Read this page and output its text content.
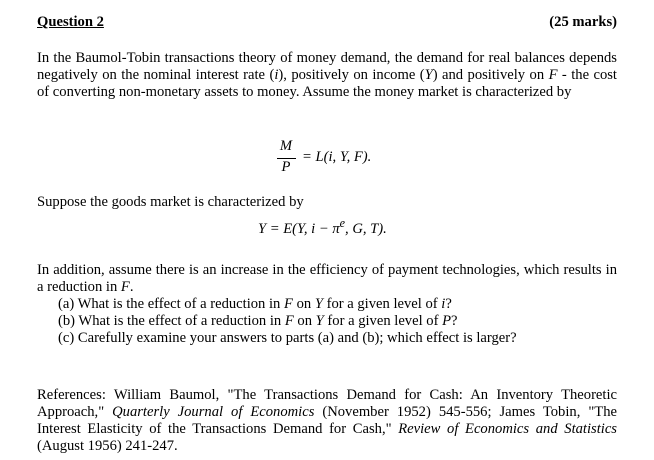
Question 2	(25 marks)

In the Baumol-Tobin transactions theory of money demand, the demand for real balances depends negatively on the nominal interest rate (i), positively on income (Y) and positively on F - the cost of converting non-monetary assets to money. Assume the money market is characterized by

M
P
= L(i, Y, F).

Suppose the goods market is characterized by

Y = E(Y, $i - \pi^e$, G, T).

In addition, assume there is an increase in the efficiency of payment technologies, which results in a reduction in F.

(a) What is the effect of a reduction in F on Y for a given level of i?
(b) What is the effect of a reduction in F on Y for a given level of P?
(c) Carefully examine your answers to parts (a) and (b); which effect is larger?

References: William Baumol, "The Transactions Demand for Cash: An Inventory Theoretic Approach," Quarterly Journal of Economics (November 1952) 545-556; James Tobin, "The Interest Elasticity of the Transactions Demand for Cash," Review of Economics and Statistics (August 1956) 241-247.
